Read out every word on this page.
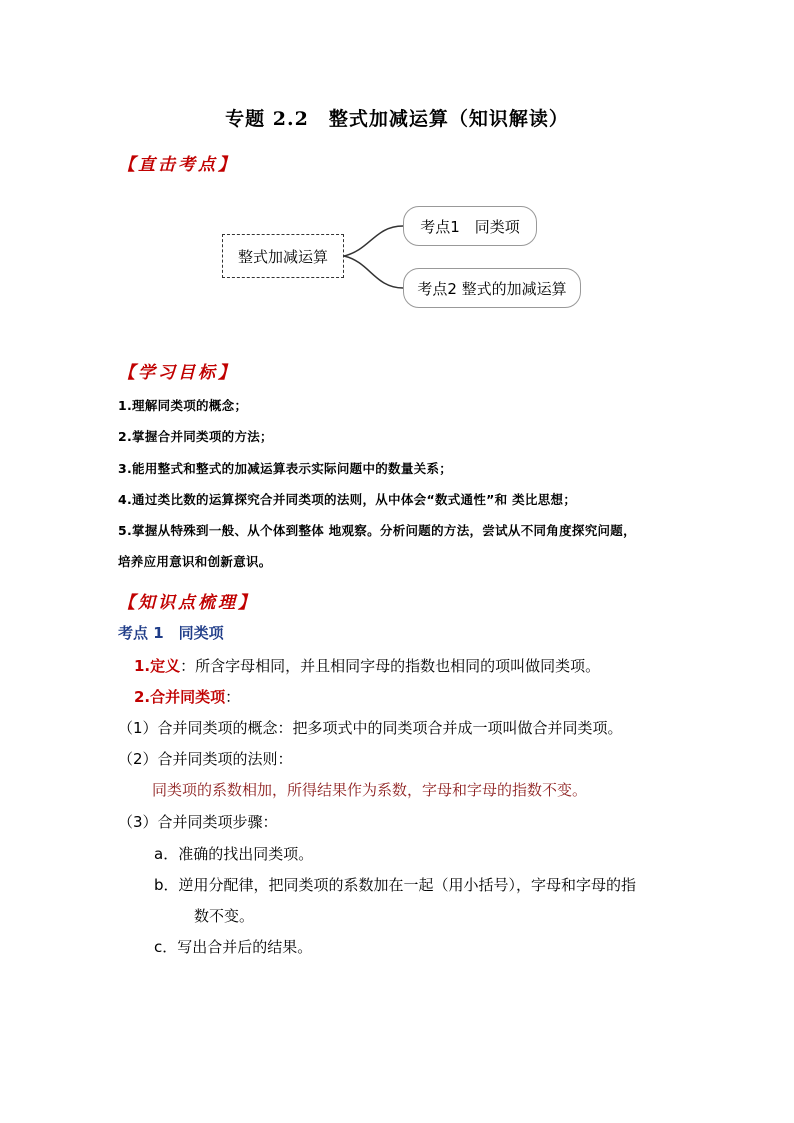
专题 2.2　整式加减运算（知识解读）
【直击考点】
整式加减运算
考点1　同类项
考点2 整式的加减运算
【学习目标】
1.理解同类项的概念；
2.掌握合并同类项的方法；
3.能用整式和整式的加减运算表示实际问题中的数量关系；
4.通过类比数的运算探究合并同类项的法则，从中体会“数式通性”和 类比思想；
5.掌握从特殊到一般、从个体到整体 地观察。分析问题的方法，尝试从不同角度探究问题，
培养应用意识和创新意识。
【知识点梳理】
考点 1　同类项
1.定义：所含字母相同，并且相同字母的指数也相同的项叫做同类项。
2.合并同类项：
（1）合并同类项的概念：把多项式中的同类项合并成一项叫做合并同类项。
（2）合并同类项的法则：
同类项的系数相加，所得结果作为系数，字母和字母的指数不变。
（3）合并同类项步骤：
a．准确的找出同类项。
b．逆用分配律，把同类项的系数加在一起（用小括号），字母和字母的指
数不变。
c．写出合并后的结果。
